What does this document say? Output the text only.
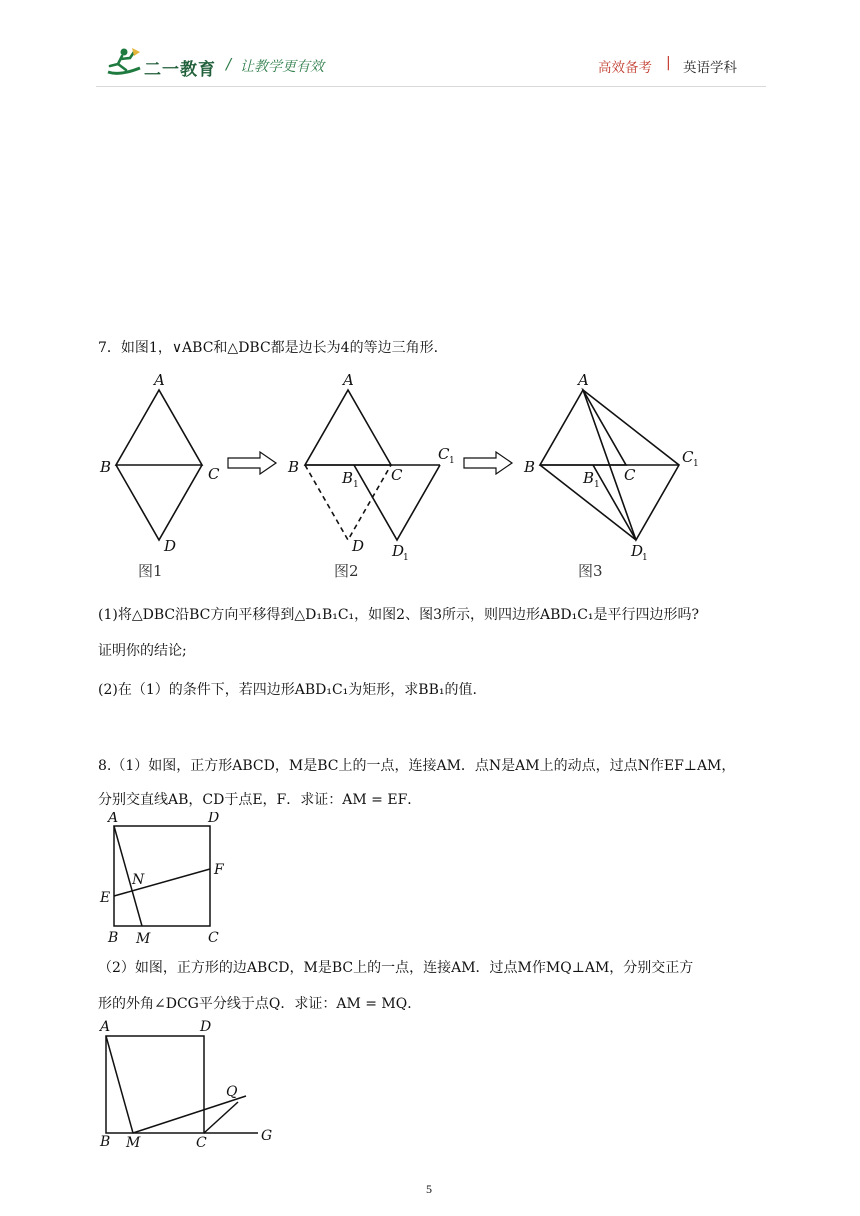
二一教育 / 让教学更有效	高效备考 | 英语学科
7．如图1，∨ABC和△DBC都是边长为4的等边三角形.
A
B	C
D
A
B
B	C
C
D D
A
B
B C
C
D
1
1
1
1
1
1
图1	图2	图3
(1)将△DBC沿BC方向平移得到△D₁B₁C₁，如图2、图3所示，则四边形ABD₁C₁是平行四边形吗?
证明你的结论;
(2)在（1）的条件下，若四边形ABD₁C₁为矩形，求BB₁的值.
8.（1）如图，正方形ABCD，M是BC上的一点，连接AM．点N是AM上的动点，过点N作EF⊥AM，
分别交直线AB，CD于点E，F．求证：AM = EF．
A	D
E
F
N
B M	C
（2）如图，正方形的边ABCD，M是BC上的一点，连接AM．过点M作MQ⊥AM，分别交正方
形的外角∠DCG平分线于点Q．求证：AM = MQ．
A	D
Q
B M	C	G
5
